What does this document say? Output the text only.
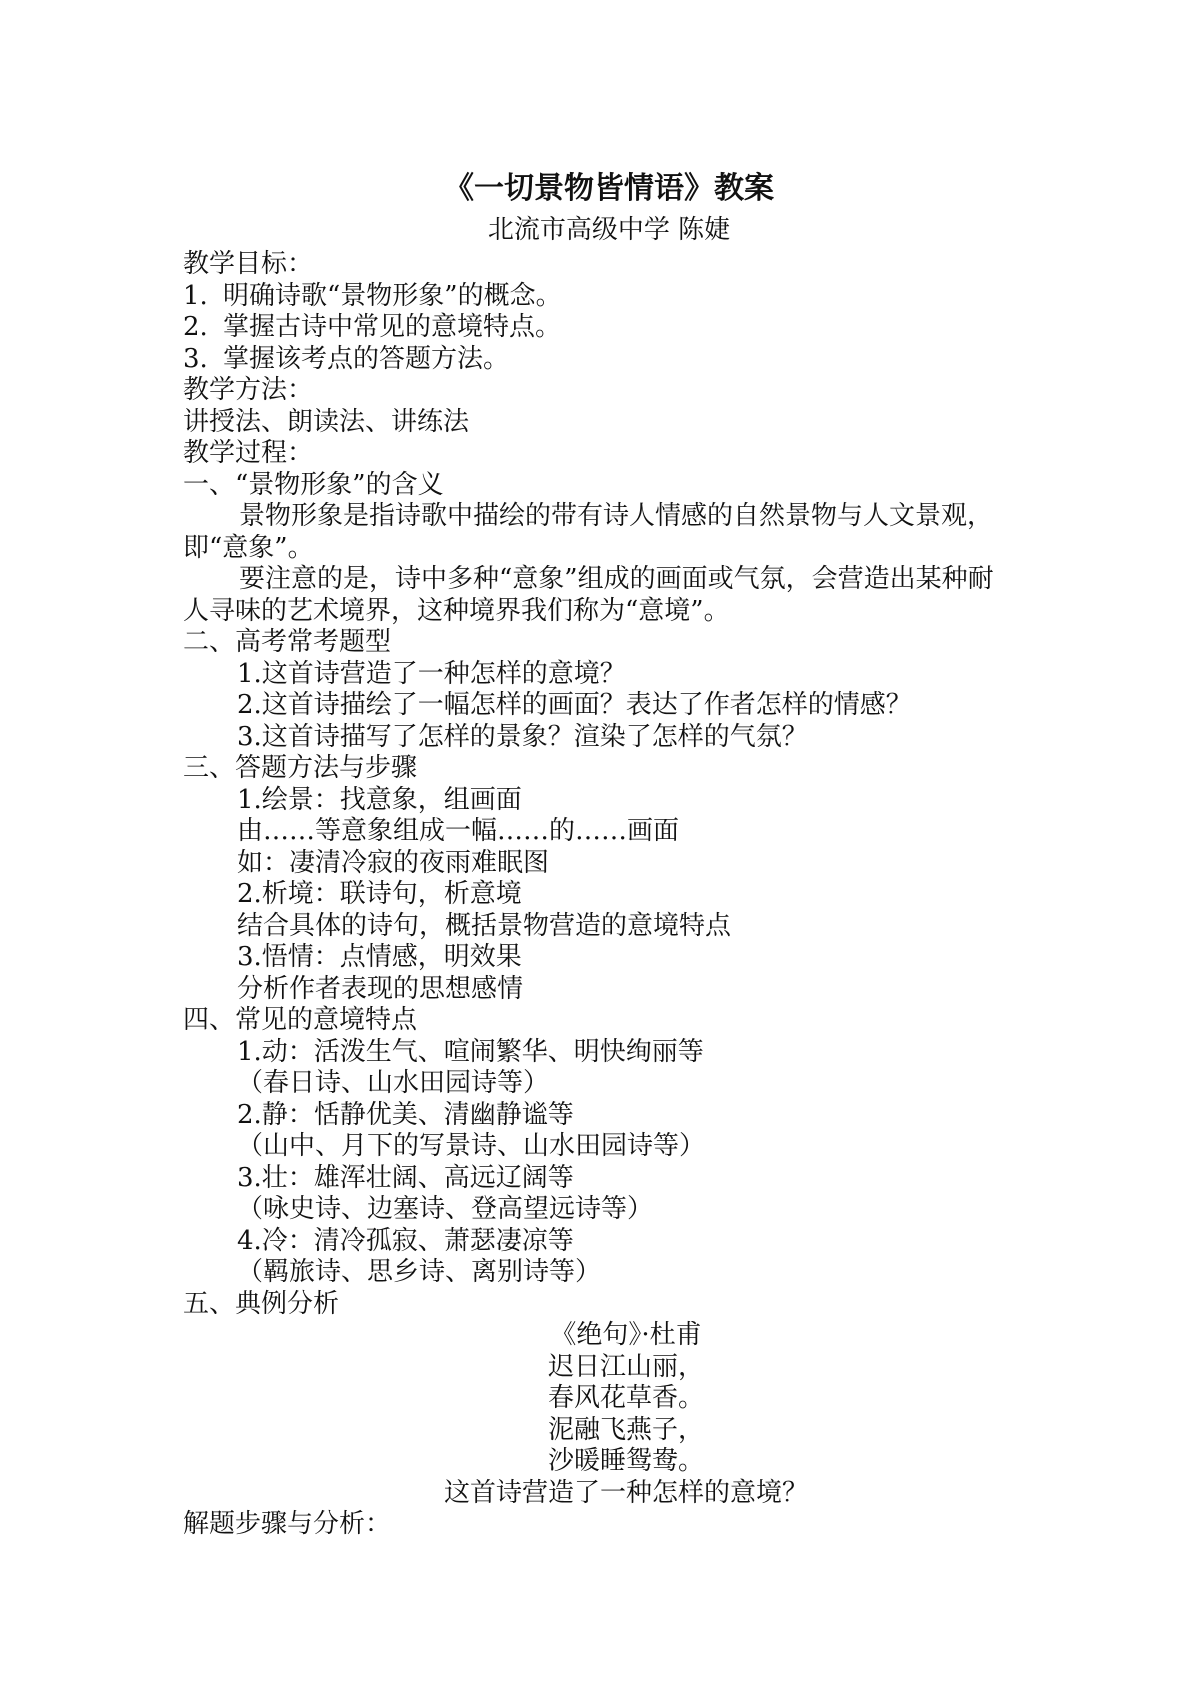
《一切景物皆情语》教案
北流市高级中学 陈婕
教学目标：
1. 明确诗歌“景物形象”的概念。
2. 掌握古诗中常见的意境特点。
3. 掌握该考点的答题方法。
教学方法：
讲授法、朗读法、讲练法
教学过程：
一、“景物形象”的含义

景物形象是指诗歌中描绘的带有诗人情感的自然景物与人文景观，即“意象”。

要注意的是，诗中多种“意象”组成的画面或气氛，会营造出某种耐人寻味的艺术境界，这种境界我们称为“意境”。

二、高考常考题型
1.这首诗营造了一种怎样的意境？
2.这首诗描绘了一幅怎样的画面？表达了作者怎样的情感？
3.这首诗描写了怎样的景象？渲染了怎样的气氛？
三、答题方法与步骤
1.绘景：找意象，组画面
由……等意象组成一幅……的……画面
如：凄清冷寂的夜雨难眠图
2.析境：联诗句，析意境
结合具体的诗句，概括景物营造的意境特点
3.悟情：点情感，明效果
分析作者表现的思想感情
四、常见的意境特点
1.动：活泼生气、喧闹繁华、明快绚丽等
（春日诗、山水田园诗等）
2.静：恬静优美、清幽静谧等
（山中、月下的写景诗、山水田园诗等）
3.壮：雄浑壮阔、高远辽阔等
（咏史诗、边塞诗、登高望远诗等）
4.冷：清冷孤寂、萧瑟凄凉等
（羁旅诗、思乡诗、离别诗等）
五、典例分析
《绝句》·杜甫
迟日江山丽，
春风花草香。
泥融飞燕子，
沙暖睡鸳鸯。
这首诗营造了一种怎样的意境？
解题步骤与分析：
